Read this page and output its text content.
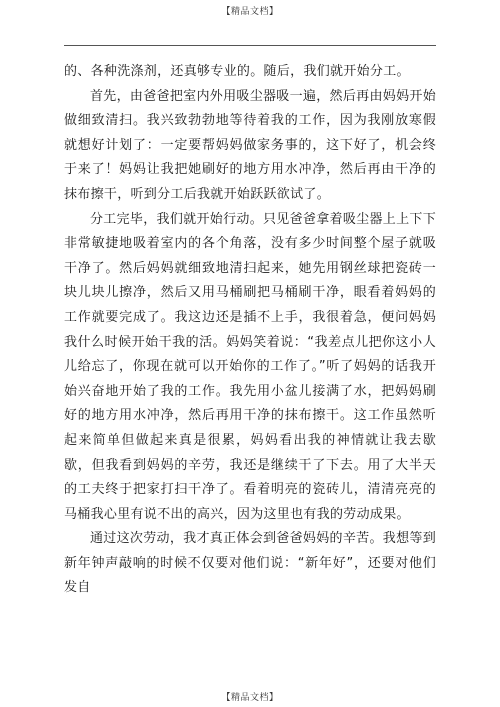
【精品文档】

的、各种洗涤剂，还真够专业的。随后，我们就开始分工。

首先，由爸爸把室内外用吸尘器吸一遍，然后再由妈妈开始做细致清扫。我兴致勃勃地等待着我的工作，因为我刚放寒假就想好计划了：一定要帮妈妈做家务事的，这下好了，机会终于来了！妈妈让我把她刷好的地方用水冲净，然后再由干净的抹布擦干，听到分工后我就开始跃跃欲试了。

分工完毕，我们就开始行动。只见爸爸拿着吸尘器上上下下非常敏捷地吸着室内的各个角落，没有多少时间整个屋子就吸干净了。然后妈妈就细致地清扫起来，她先用钢丝球把瓷砖一块儿块儿擦净，然后又用马桶刷把马桶刷干净，眼看着妈妈的工作就要完成了。我这边还是插不上手，我很着急，便问妈妈我什么时候开始干我的活。妈妈笑着说：“我差点儿把你这小人儿给忘了，你现在就可以开始你的工作了。”听了妈妈的话我开始兴奋地开始了我的工作。我先用小盆儿接满了水，把妈妈刷好的地方用水冲净，然后再用干净的抹布擦干。这工作虽然听起来简单但做起来真是很累，妈妈看出我的神情就让我去歇歇，但我看到妈妈的辛劳，我还是继续干了下去。用了大半天的工夫终于把家打扫干净了。看着明亮的瓷砖儿，清清亮亮的马桶我心里有说不出的高兴，因为这里也有我的劳动成果。

通过这次劳动，我才真正体会到爸爸妈妈的辛苦。我想等到新年钟声敲响的时候不仅要对他们说：“新年好”，还要对他们发自

【精品文档】
